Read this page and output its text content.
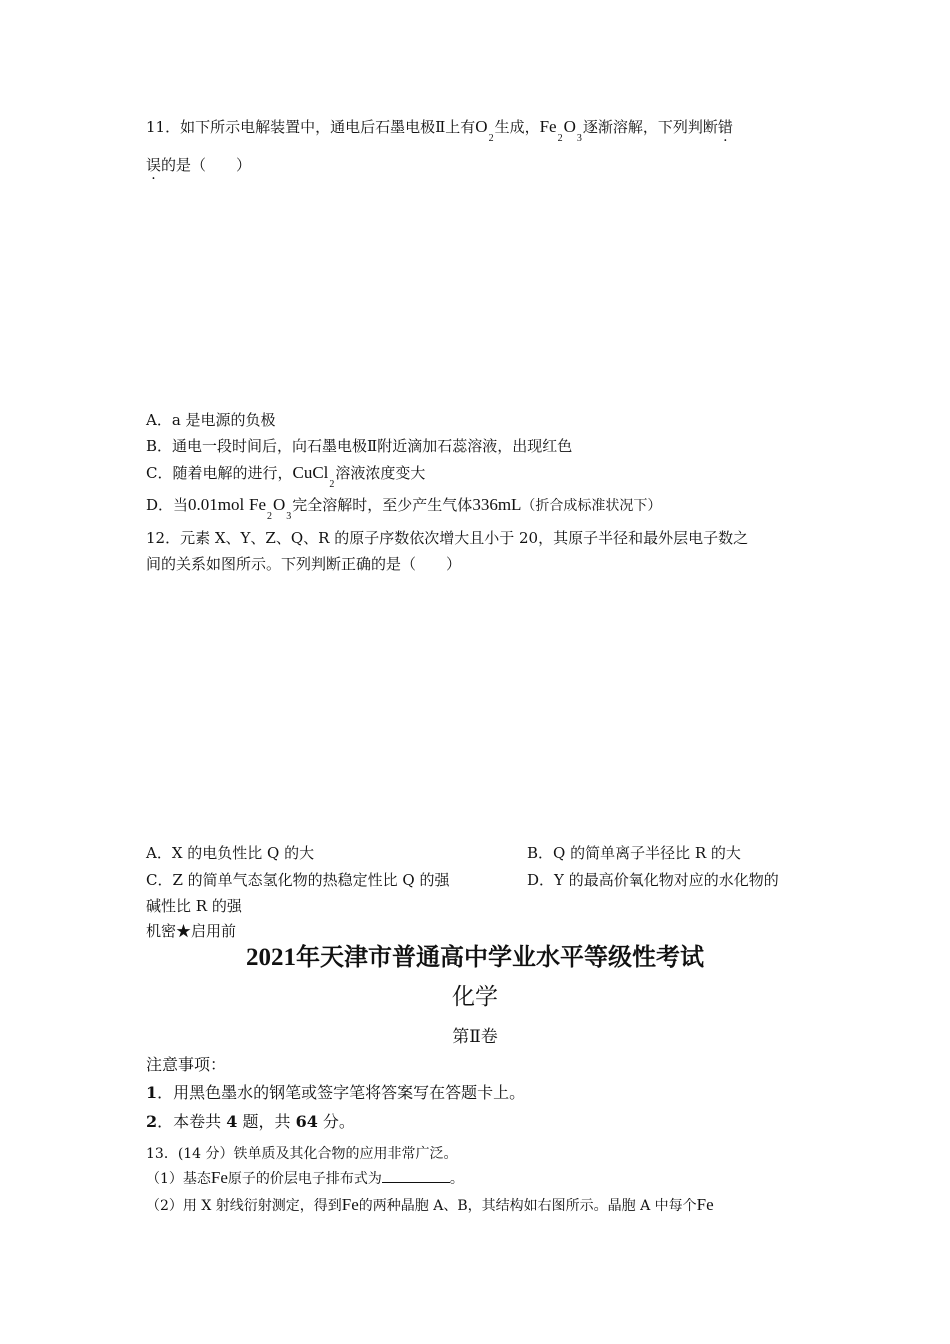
11．如下所示电解装置中，通电后石墨电极Ⅱ上有$O_2$生成，$Fe_2O_3$逐渐溶解，下列判断错
误的是（　　）
A．a 是电源的负极
B．通电一段时间后，向石墨电极Ⅱ附近滴加石蕊溶液，出现红色
C．随着电解的进行，CuCl$_2$溶液浓度变大
D．当0.01mol $Fe_2O_3$完全溶解时，至少产生气体336mL（折合成标准状况下）
12．元素 X、Y、Z、Q、R 的原子序数依次增大且小于 20，其原子半径和最外层电子数之
间的关系如图所示。下列判断正确的是（　　）
A．X 的电负性比 Q 的大	B．Q 的简单离子半径比 R 的大
C．Z 的简单气态氢化物的热稳定性比 Q 的强	D．Y 的最高价氧化物对应的水化物的
碱性比 R 的强
机密★启用前
2021年天津市普通高中学业水平等级性考试
化学
第Ⅱ卷
注意事项：
1．用黑色墨水的钢笔或签字笔将答案写在答题卡上。
2．本卷共 4 题，共 64 分。
13．(14 分）铁单质及其化合物的应用非常广泛。
（1）基态Fe原子的价层电子排布式为	。
（2）用 X 射线衍射测定，得到Fe的两种晶胞 A、B，其结构如右图所示。晶胞 A 中每个Fe
